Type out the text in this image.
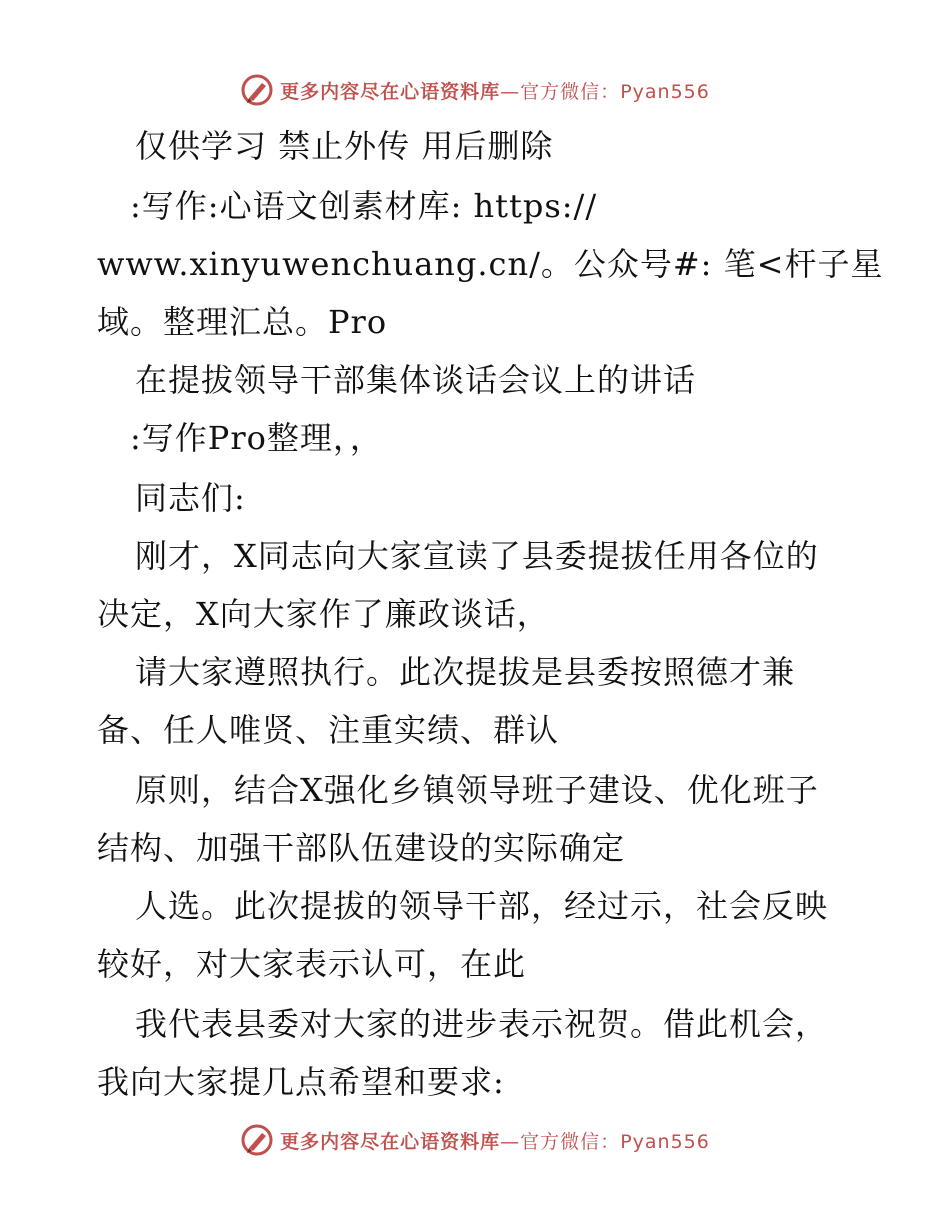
更多内容尽在心语资料库—官方微信：Pyan556
仅供学习 禁止外传 用后删除
:写作:心语文创素材库: https://
www.xinyuwenchuang.cn/。公众号#: 笔<杆子星
域。整理汇总。Pro
在提拔领导干部集体谈话会议上的讲话
:写作Pro整理，，
同志们:
刚才，X同志向大家宣读了县委提拔任用各位的
决定，X向大家作了廉政谈话，
请大家遵照执行。此次提拔是县委按照德才兼
备、任人唯贤、注重实绩、群认
原则，结合X强化乡镇领导班子建设、优化班子
结构、加强干部队伍建设的实际确定
人选。此次提拔的领导干部，经过示，社会反映
较好，对大家表示认可，在此
我代表县委对大家的进步表示祝贺。借此机会，
我向大家提几点希望和要求:
更多内容尽在心语资料库—官方微信：Pyan556
